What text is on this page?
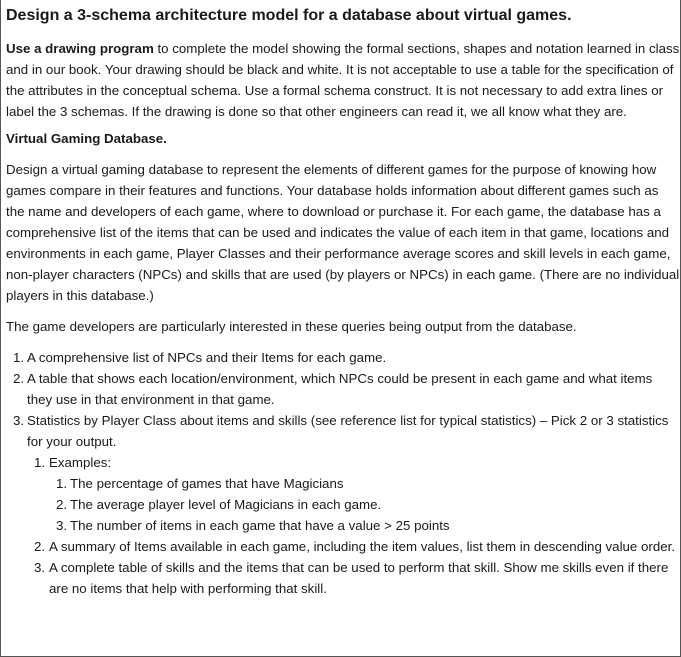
Design a 3-schema architecture model for a database about virtual games.

Use a drawing program to complete the model showing the formal sections, shapes and notation learned in class and in our book. Your drawing should be black and white. It is not acceptable to use a table for the specification of the attributes in the conceptual schema. Use a formal schema construct. It is not necessary to add extra lines or label the 3 schemas. If the drawing is done so that other engineers can read it, we all know what they are.

Virtual Gaming Database.

Design a virtual gaming database to represent the elements of different games for the purpose of knowing how games compare in their features and functions. Your database holds information about different games such as the name and developers of each game, where to download or purchase it. For each game, the database has a comprehensive list of the items that can be used and indicates the value of each item in that game, locations and environments in each game, Player Classes and their performance average scores and skill levels in each game, non-player characters (NPCs) and skills that are used (by players or NPCs) in each game. (There are no individual players in this database.)

The game developers are particularly interested in these queries being output from the database.

1. A comprehensive list of NPCs and their Items for each game.
2. A table that shows each location/environment, which NPCs could be present in each game and what items they use in that environment in that game.
3. Statistics by Player Class about items and skills (see reference list for typical statistics) – Pick 2 or 3 statistics for your output.
1. Examples:
1. The percentage of games that have Magicians
2. The average player level of Magicians in each game.
3. The number of items in each game that have a value > 25 points
2. A summary of Items available in each game, including the item values, list them in descending value order.
3. A complete table of skills and the items that can be used to perform that skill. Show me skills even if there are no items that help with performing that skill.
